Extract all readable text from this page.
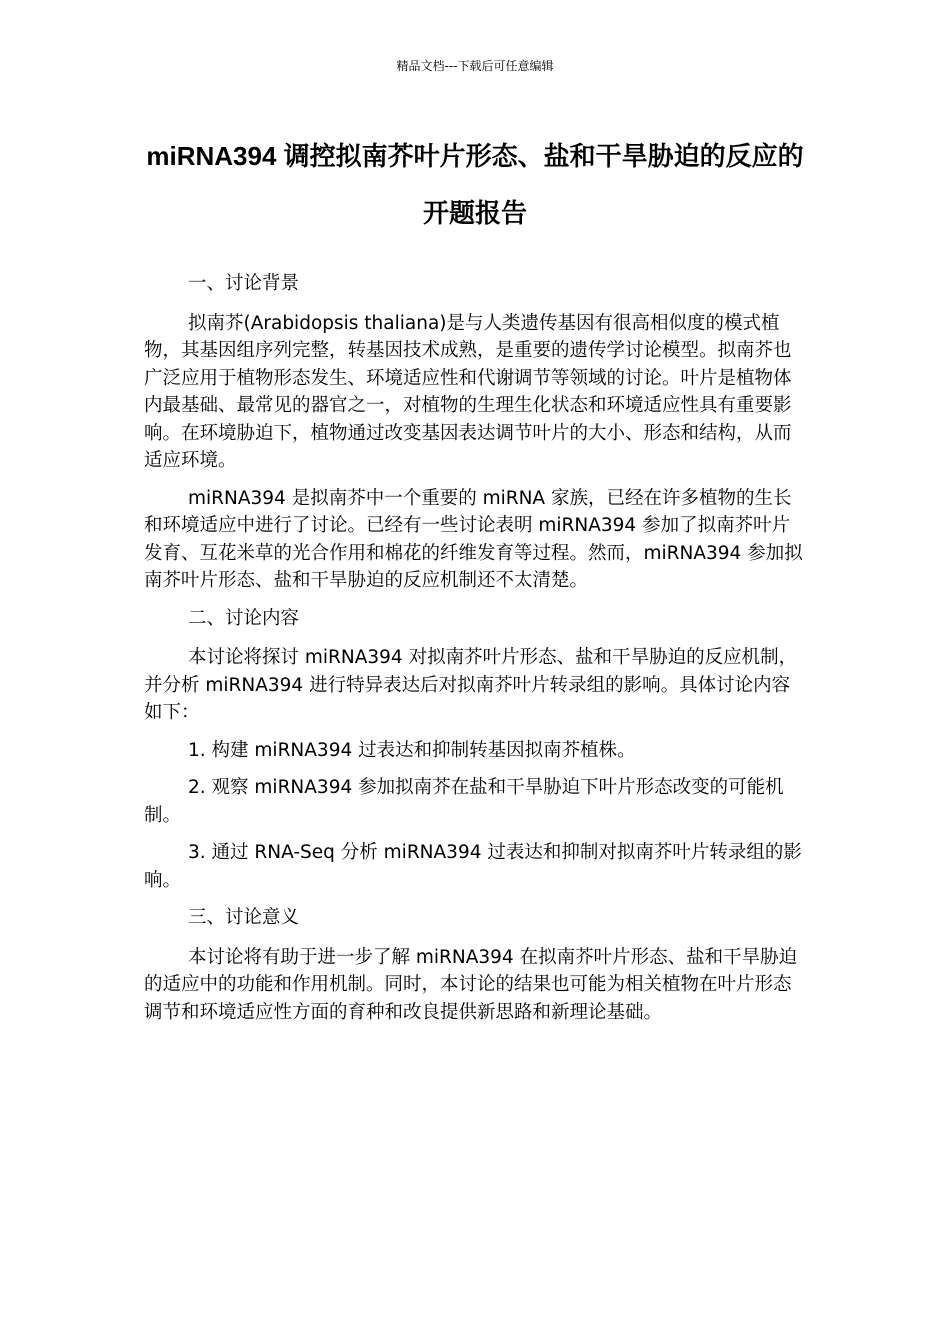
精品文档---下载后可任意编辑
miRNA394 调控拟南芥叶片形态、盐和干旱胁迫的反应的开题报告

一、讨论背景

拟南芥(Arabidopsis thaliana)是与人类遗传基因有很高相似度的模式植物，其基因组序列完整，转基因技术成熟，是重要的遗传学讨论模型。拟南芥也广泛应用于植物形态发生、环境适应性和代谢调节等领域的讨论。叶片是植物体内最基础、最常见的器官之一，对植物的生理生化状态和环境适应性具有重要影响。在环境胁迫下，植物通过改变基因表达调节叶片的大小、形态和结构，从而适应环境。

miRNA394 是拟南芥中一个重要的 miRNA 家族，已经在许多植物的生长和环境适应中进行了讨论。已经有一些讨论表明 miRNA394 参加了拟南芥叶片发育、互花米草的光合作用和棉花的纤维发育等过程。然而，miRNA394 参加拟南芥叶片形态、盐和干旱胁迫的反应机制还不太清楚。

二、讨论内容

本讨论将探讨 miRNA394 对拟南芥叶片形态、盐和干旱胁迫的反应机制，并分析 miRNA394 进行特异表达后对拟南芥叶片转录组的影响。具体讨论内容如下：

1. 构建 miRNA394 过表达和抑制转基因拟南芥植株。

2. 观察 miRNA394 参加拟南芥在盐和干旱胁迫下叶片形态改变的可能机制。

3. 通过 RNA-Seq 分析 miRNA394 过表达和抑制对拟南芥叶片转录组的影响。

三、讨论意义

本讨论将有助于进一步了解 miRNA394 在拟南芥叶片形态、盐和干旱胁迫的适应中的功能和作用机制。同时，本讨论的结果也可能为相关植物在叶片形态调节和环境适应性方面的育种和改良提供新思路和新理论基础。
